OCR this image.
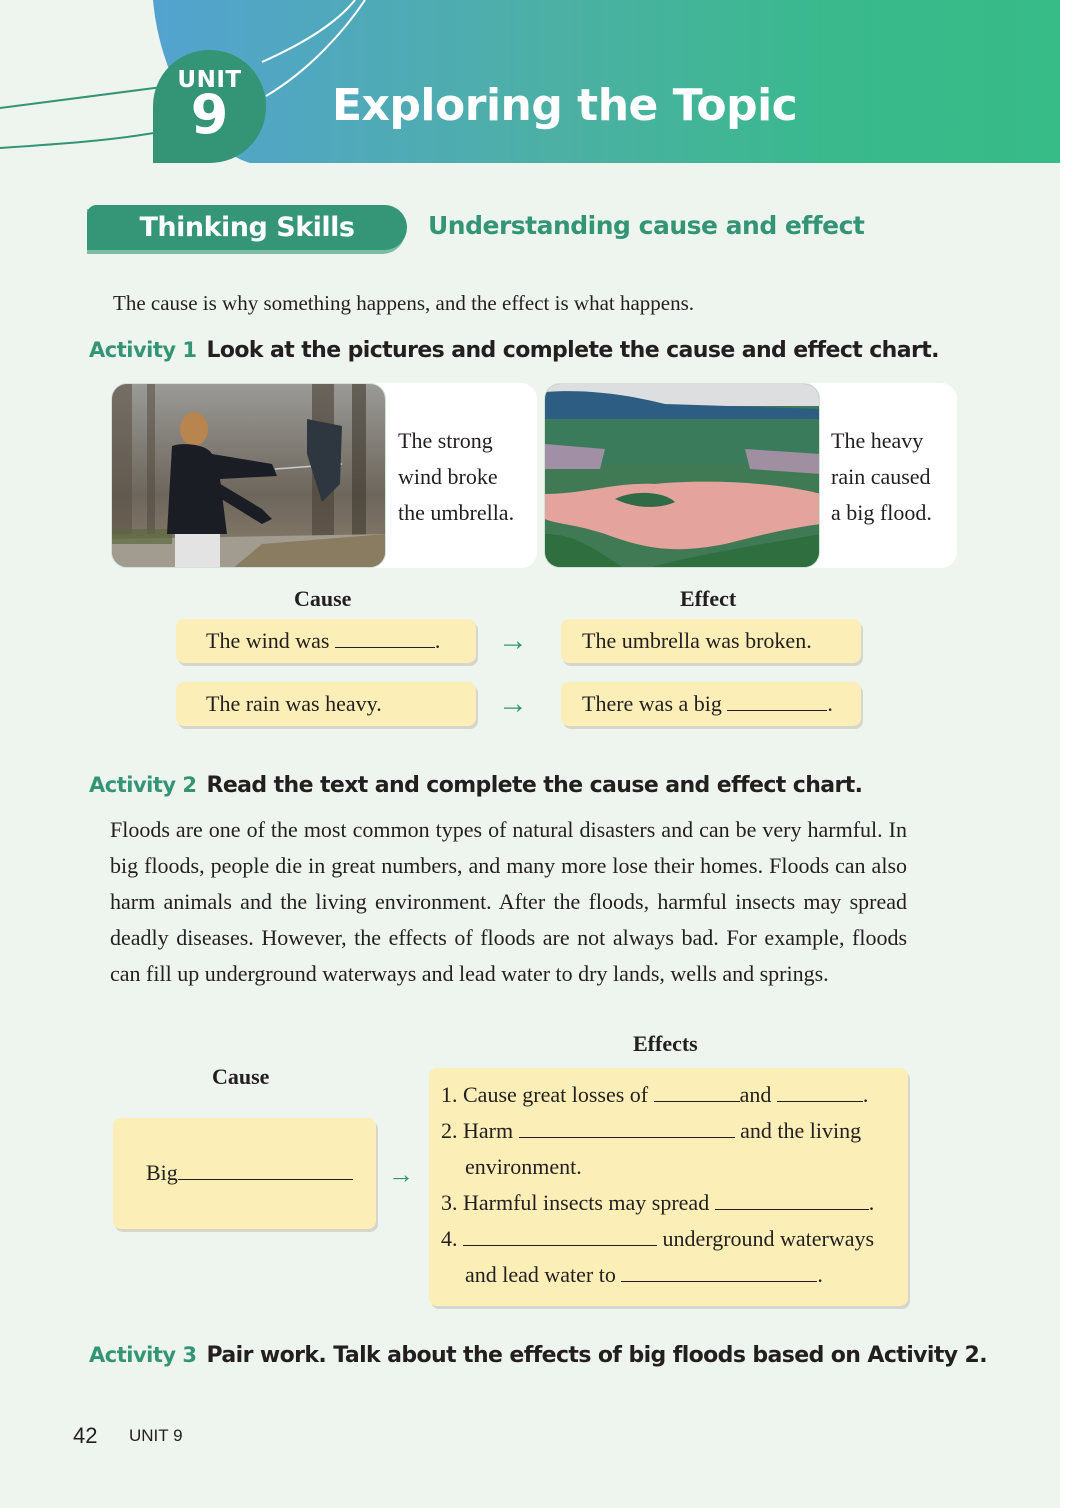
UNIT
9	Exploring the Topic
Thinking Skills	Understanding cause and effect
The cause is why something happens, and the effect is what happens.
Activity 1 Look at the pictures and complete the cause and effect chart.
The strong
wind broke
the umbrella.
The heavy
rain caused
a big flood.
Cause	Effect
The wind was	.	→	The umbrella was broken.
The rain was heavy.	→	There was a big	.
Activity 2 Read the text and complete the cause and effect chart.
Floods are one of the most common types of natural disasters and can be very harmful. In big floods, people die in great numbers, and many more lose their homes. Floods can also harm animals and the living environment. After the floods, harmful insects may spread deadly diseases. However, the effects of floods are not always bad. For example, floods can fill up underground waterways and lead water to dry lands, wells and springs.
Effects
Cause
Big	→
1. Cause great losses of	and	.
2. Harm	and the living
environment.
3. Harmful insects may spread	.
4.	underground waterways
and lead water to	.
Activity 3 Pair work. Talk about the effects of big floods based on Activity 2.
42 UNIT 9
